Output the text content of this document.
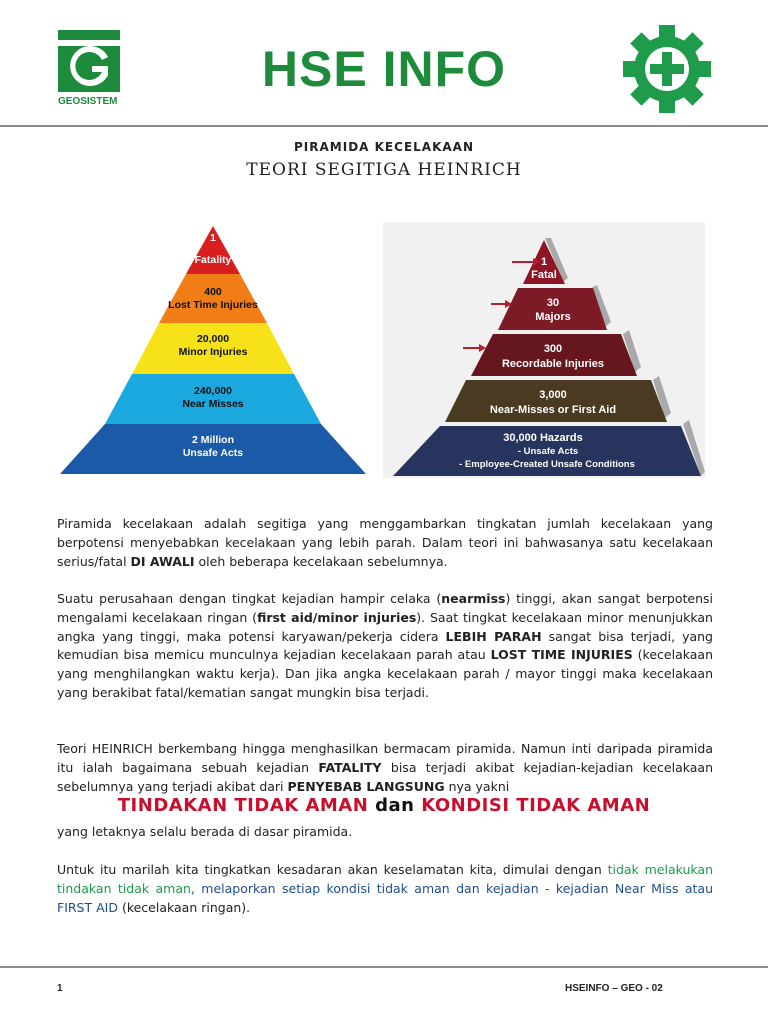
GEOSISTEM
HSE INFO
PIRAMIDA KECELAKAAN
TEORI SEGITIGA HEINRICH
1
Fatality
400
Lost Time Injuries
20,000
Minor Injuries
240,000
Near Misses
2 Million
Unsafe Acts
1
Fatal
30
Majors
300
Recordable Injuries
3,000
Near-Misses or First Aid
30,000 Hazards
- Unsafe Acts
- Employee-Created Unsafe Conditions
Piramida kecelakaan adalah segitiga yang menggambarkan tingkatan jumlah kecelakaan yang berpotensi menyebabkan kecelakaan yang lebih parah. Dalam teori ini bahwasanya satu kecelakaan serius/fatal DI AWALI oleh beberapa kecelakaan sebelumnya.
Suatu perusahaan dengan tingkat kejadian hampir celaka (nearmiss) tinggi, akan sangat berpotensi mengalami kecelakaan ringan (first aid/minor injuries). Saat tingkat kecelakaan minor menunjukkan angka yang tinggi, maka potensi karyawan/pekerja cidera LEBIH PARAH sangat bisa terjadi, yang kemudian bisa memicu munculnya kejadian kecelakaan parah atau LOST TIME INJURIES (kecelakaan yang menghilangkan waktu kerja). Dan jika angka kecelakaan parah / mayor tinggi maka kecelakaan yang berakibat fatal/kematian sangat mungkin bisa terjadi.
Teori HEINRICH berkembang hingga menghasilkan bermacam piramida. Namun inti daripada piramida itu ialah bagaimana sebuah kejadian FATALITY bisa terjadi akibat kejadian-kejadian kecelakaan sebelumnya yang terjadi akibat dari PENYEBAB LANGSUNG nya yakni
TINDAKAN TIDAK AMAN dan KONDISI TIDAK AMAN
yang letaknya selalu berada di dasar piramida.
Untuk itu marilah kita tingkatkan kesadaran akan keselamatan kita, dimulai dengan tidak melakukan tindakan tidak aman, melaporkan setiap kondisi tidak aman dan kejadian - kejadian Near Miss atau FIRST AID (kecelakaan ringan).
1	HSEINFO – GEO - 02
